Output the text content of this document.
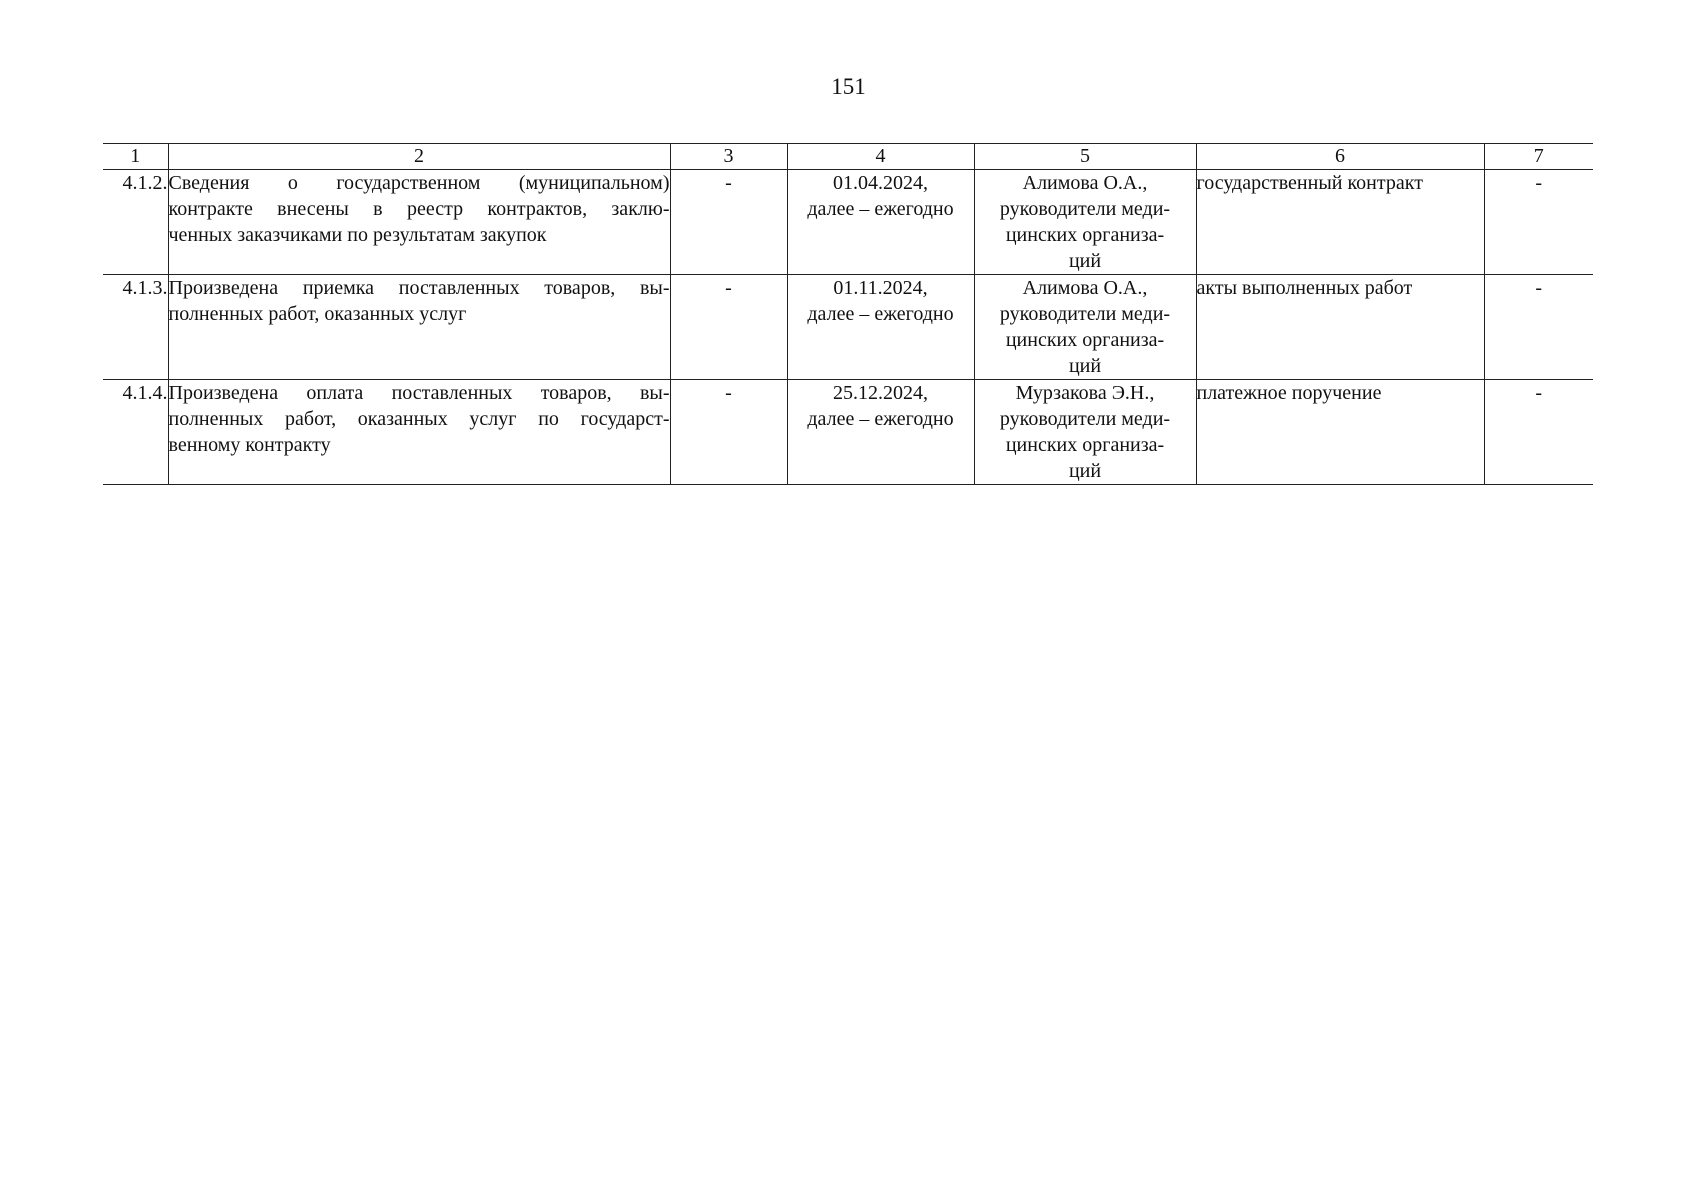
151
1	2	3	4	5	6	7
4.1.2.	Сведения о государственном (муниципальном)
контракте внесены в реестр контрактов, заклю-
ченных заказчиками по результатам закупок	-	01.04.2024,
далее – ежегодно	Алимова О.А.,
руководители меди-
цинских организа-
ций	государственный контракт	-
4.1.3.	Произведена приемка поставленных товаров, вы-
полненных работ, оказанных услуг	-	01.11.2024,
далее – ежегодно	Алимова О.А.,
руководители меди-
цинских организа-
ций	акты выполненных работ	-
4.1.4.	Произведена оплата поставленных товаров, вы-
полненных работ, оказанных услуг по государст-
венному контракту	-	25.12.2024,
далее – ежегодно	Мурзакова Э.Н.,
руководители меди-
цинских организа-
ций	платежное поручение	-
